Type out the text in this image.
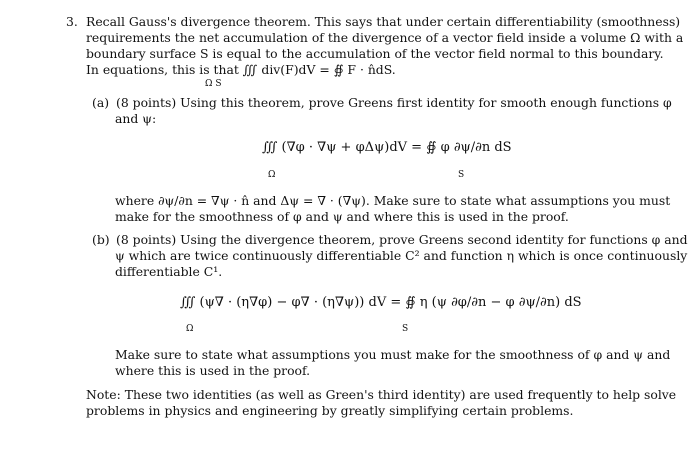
3. Recall Gauss's divergence theorem. This says that under certain differentiability (smoothness)
requirements the net accumulation of the divergence of a vector field inside a volume Ω with a
boundary surface S is equal to the accumulation of the vector field normal to this boundary.
In equations, this is that ∭ div(F)dV = ∯ F · n̂dS.
Ω S
(a) (8 points) Using this theorem, prove Greens first identity for smooth enough functions φ
and ψ:
∭ (∇φ · ∇ψ + φΔψ)dV = ∯ φ ∂ψ/∂n dS
Ω	S
where ∂ψ/∂n = ∇ψ · n̂ and Δψ = ∇ · (∇ψ). Make sure to state what assumptions you must
make for the smoothness of φ and ψ and where this is used in the proof.
(b) (8 points) Using the divergence theorem, prove Greens second identity for functions φ and
ψ which are twice continuously differentiable C² and function η which is once continuously
differentiable C¹.
∭ (ψ∇ · (η∇φ) − φ∇ · (η∇ψ)) dV = ∯ η (ψ ∂φ/∂n − φ ∂ψ/∂n) dS
Ω	S
Make sure to state what assumptions you must make for the smoothness of φ and ψ and
where this is used in the proof.
Note: These two identities (as well as Green's third identity) are used frequently to help solve
problems in physics and engineering by greatly simplifying certain problems.
